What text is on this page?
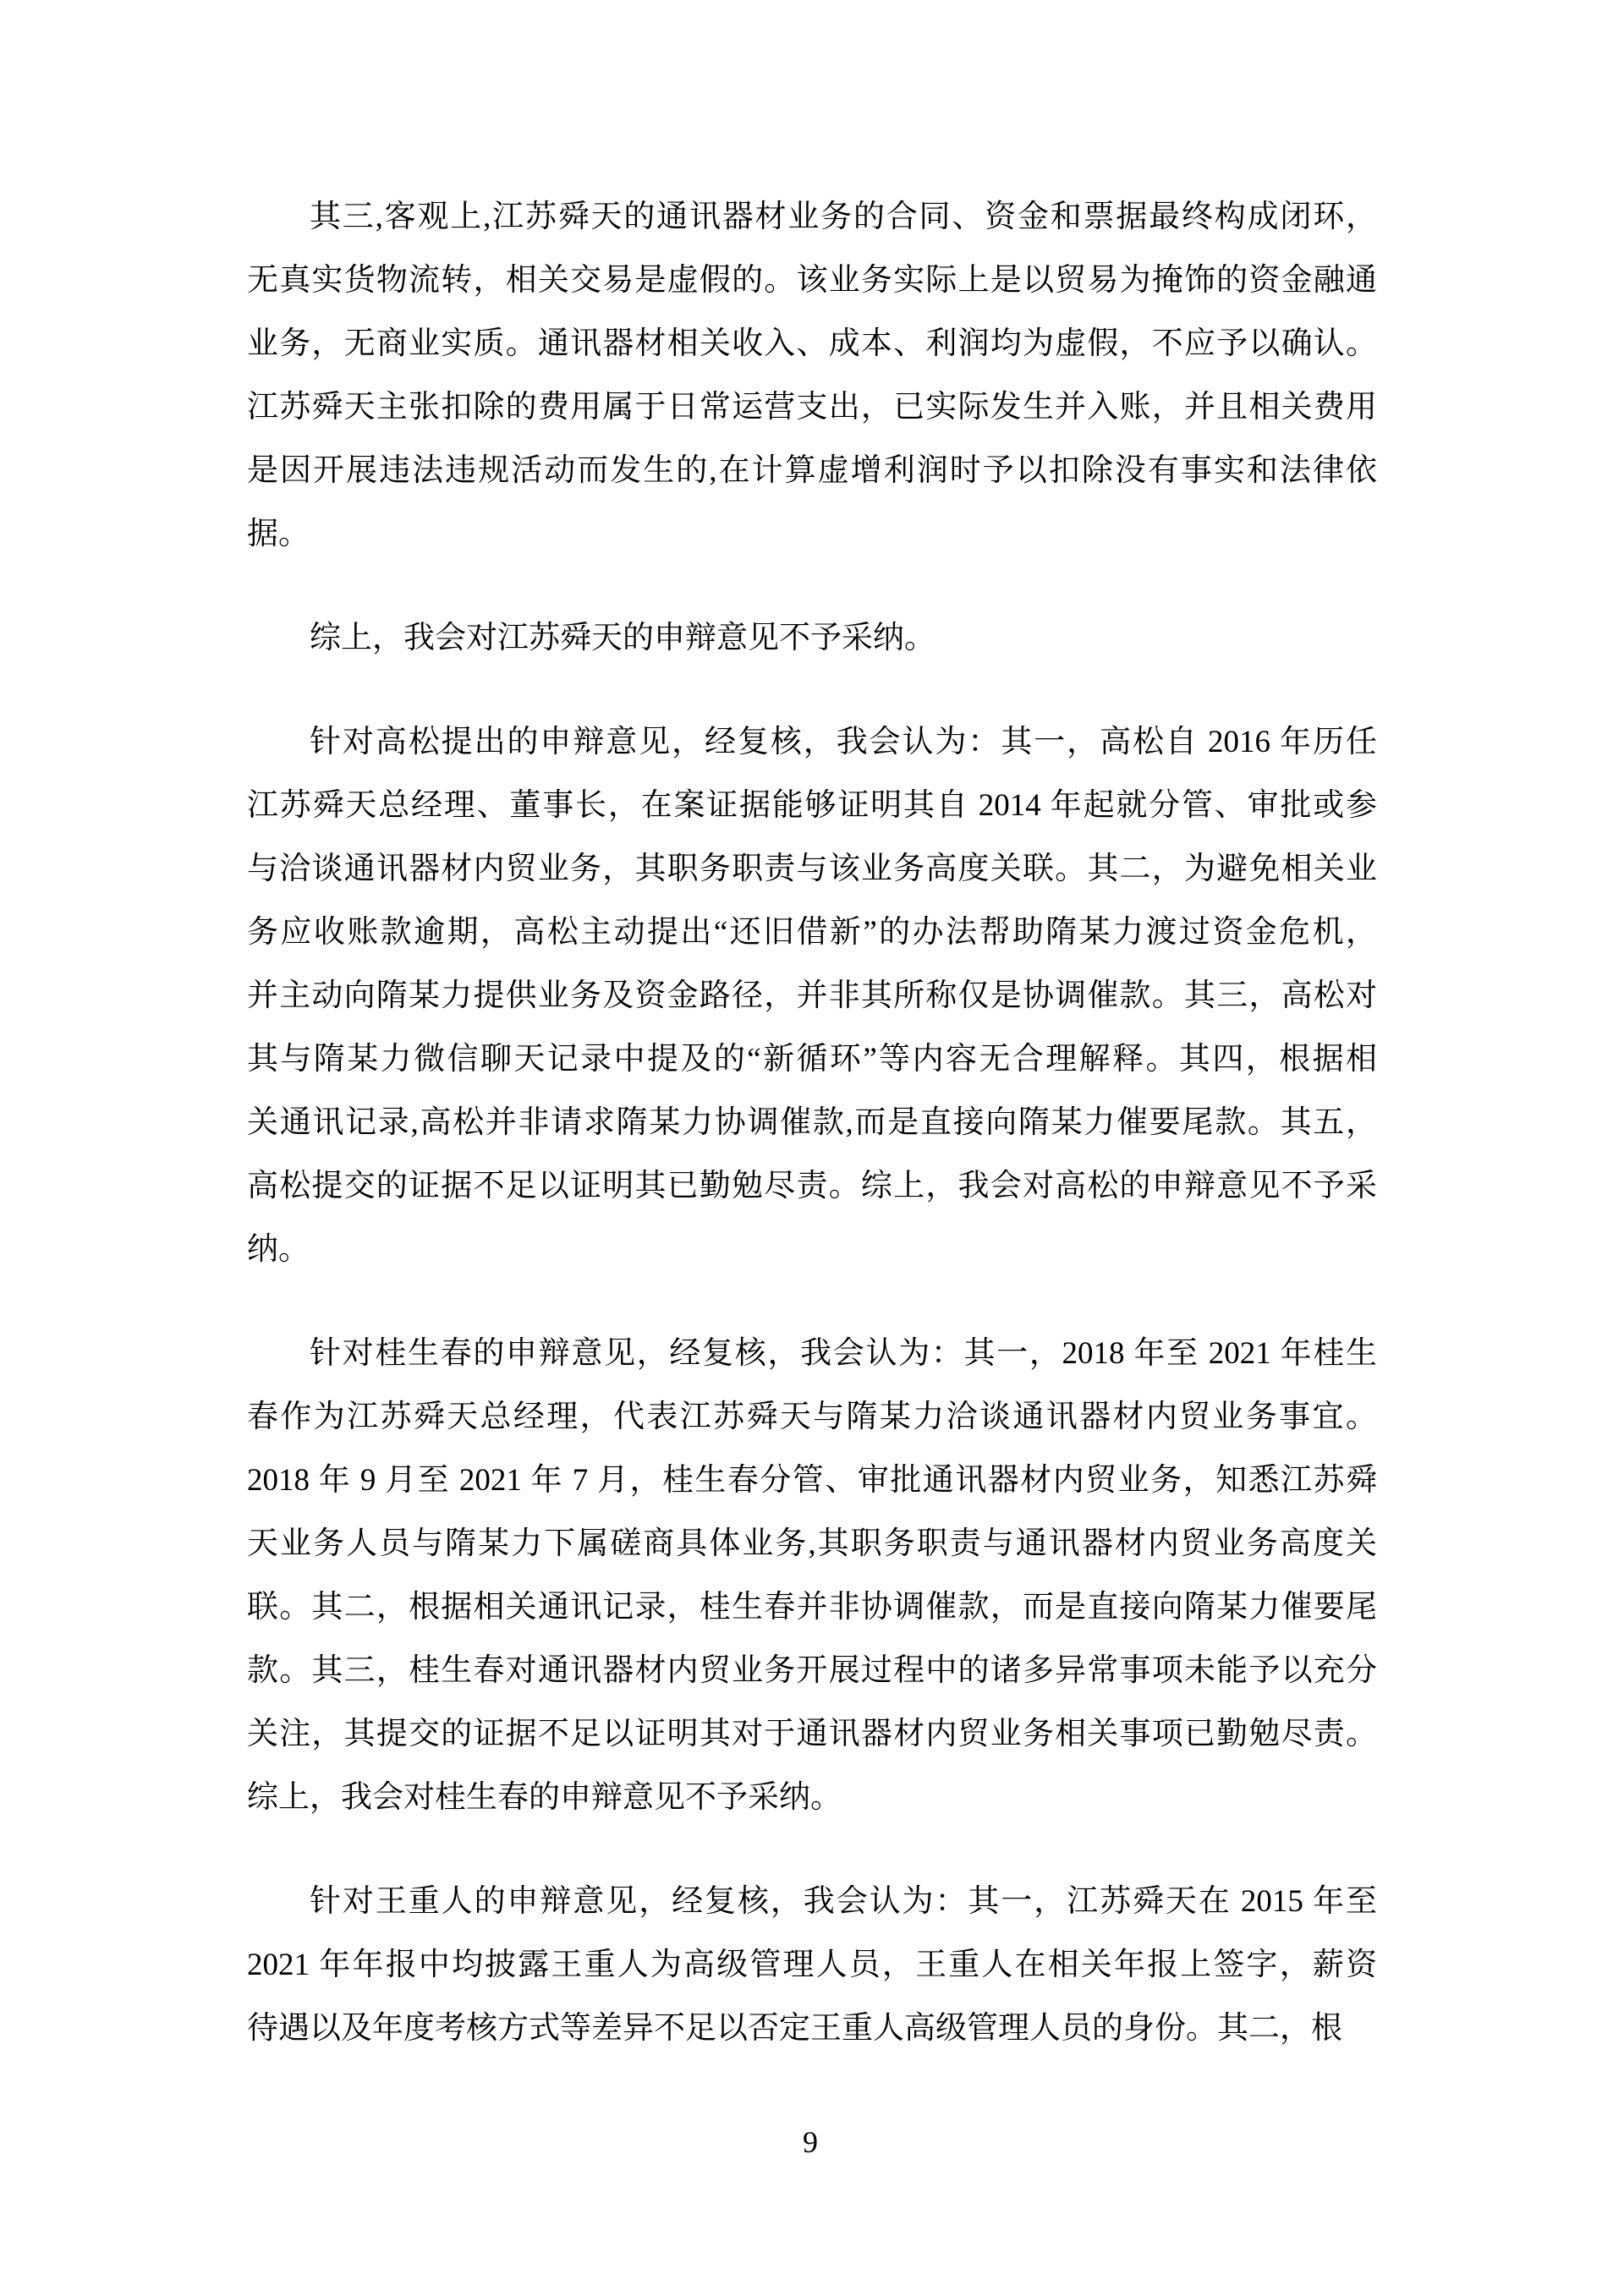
其三,客观上,江苏舜天的通讯器材业务的合同、资金和票据最终构成闭环，
无真实货物流转，相关交易是虚假的。该业务实际上是以贸易为掩饰的资金融通
业务，无商业实质。通讯器材相关收入、成本、利润均为虚假，不应予以确认。
江苏舜天主张扣除的费用属于日常运营支出，已实际发生并入账，并且相关费用
是因开展违法违规活动而发生的,在计算虚增利润时予以扣除没有事实和法律依
据。
综上，我会对江苏舜天的申辩意见不予采纳。
针对高松提出的申辩意见，经复核，我会认为：其一，高松自 2016 年历任
江苏舜天总经理、董事长，在案证据能够证明其自 2014 年起就分管、审批或参
与洽谈通讯器材内贸业务，其职务职责与该业务高度关联。其二，为避免相关业
务应收账款逾期，高松主动提出“还旧借新”的办法帮助隋某力渡过资金危机，
并主动向隋某力提供业务及资金路径，并非其所称仅是协调催款。其三，高松对
其与隋某力微信聊天记录中提及的“新循环”等内容无合理解释。其四，根据相
关通讯记录,高松并非请求隋某力协调催款,而是直接向隋某力催要尾款。其五，
高松提交的证据不足以证明其已勤勉尽责。综上，我会对高松的申辩意见不予采
纳。
针对桂生春的申辩意见，经复核，我会认为：其一，2018 年至 2021 年桂生
春作为江苏舜天总经理，代表江苏舜天与隋某力洽谈通讯器材内贸业务事宜。
2018 年 9 月至 2021 年 7 月，桂生春分管、审批通讯器材内贸业务，知悉江苏舜
天业务人员与隋某力下属磋商具体业务,其职务职责与通讯器材内贸业务高度关
联。其二，根据相关通讯记录，桂生春并非协调催款，而是直接向隋某力催要尾
款。其三，桂生春对通讯器材内贸业务开展过程中的诸多异常事项未能予以充分
关注，其提交的证据不足以证明其对于通讯器材内贸业务相关事项已勤勉尽责。
综上，我会对桂生春的申辩意见不予采纳。
针对王重人的申辩意见，经复核，我会认为：其一，江苏舜天在 2015 年至
2021 年年报中均披露王重人为高级管理人员，王重人在相关年报上签字，薪资
待遇以及年度考核方式等差异不足以否定王重人高级管理人员的身份。其二，根
9
